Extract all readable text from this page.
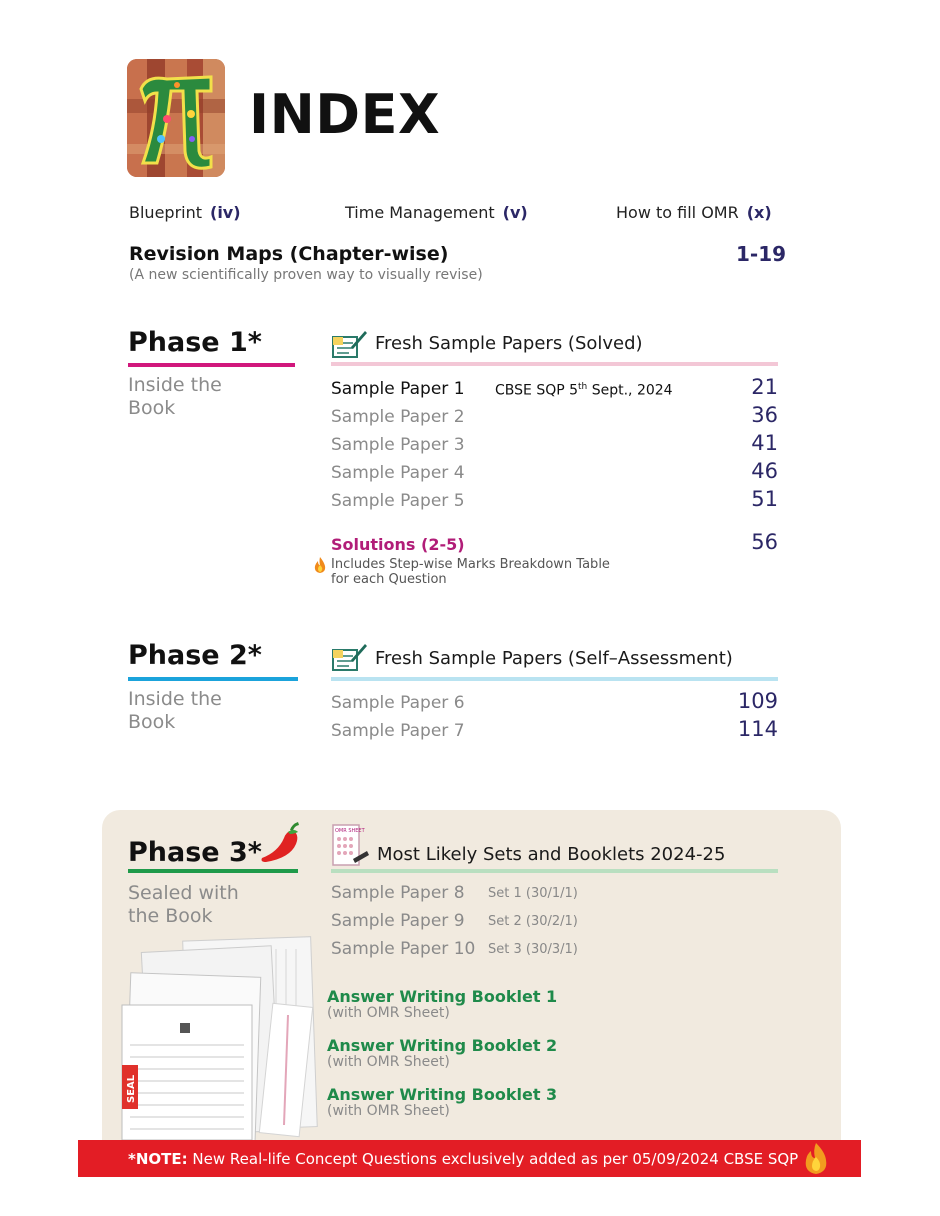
INDEX
Blueprint (iv)	Time Management (v)	How to fill OMR (x)
Revision Maps (Chapter-wise)
(A new scientifically proven way to visually revise)
1-19
Phase 1*
Inside the
Book
Fresh Sample Papers (Solved)
Sample Paper 1 CBSE SQP 5th Sept., 2024	21
Sample Paper 2	36
Sample Paper 3	41
Sample Paper 4	46
Sample Paper 5	51
Solutions (2-5)	56
Includes Step-wise Marks Breakdown Table
for each Question
Phase 2*
Inside the
Book
Fresh Sample Papers (Self–Assessment)
Sample Paper 6	109
Sample Paper 7	114
Phase 3*
Sealed with
the Book
OMR SHEET
Most Likely Sets and Booklets 2024-25
Sample Paper 8 Set 1 (30/1/1)
Sample Paper 9 Set 2 (30/2/1)
Sample Paper 10 Set 3 (30/3/1)
SEAL
Answer Writing Booklet 1
(with OMR Sheet)
Answer Writing Booklet 2
(with OMR Sheet)
Answer Writing Booklet 3
(with OMR Sheet)
*NOTE: New Real-life Concept Questions exclusively added as per 05/09/2024 CBSE SQP
